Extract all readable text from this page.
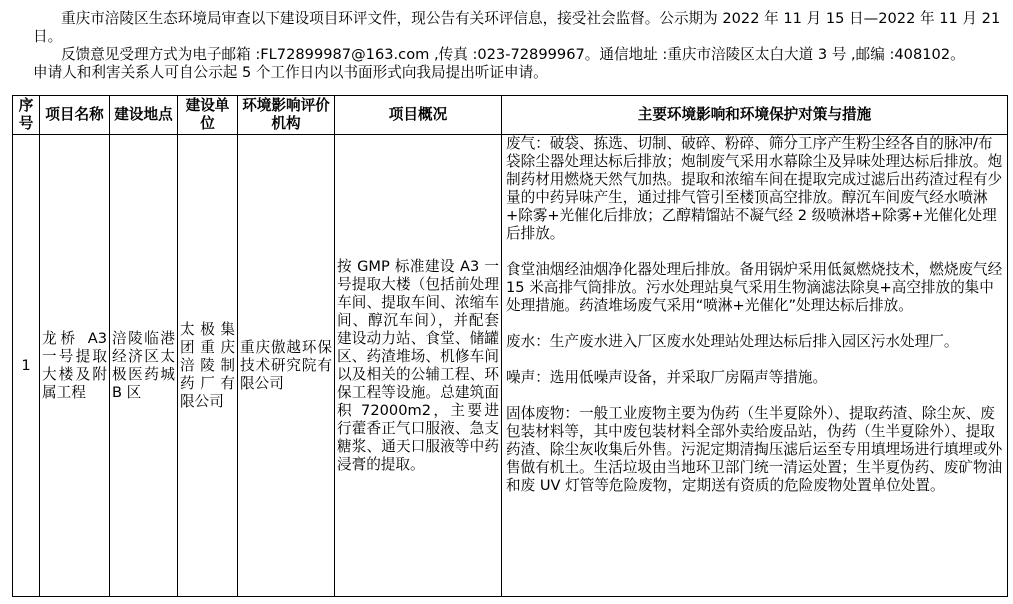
重庆市涪陵区生态环境局审查以下建设项目环评文件，现公告有关环评信息，接受社会监督。公示期为 2022 年 11 月 15 日—2022 年 11 月 21 日。

反馈意见受理方式为电子邮箱 :FL72899987@163.com ,传真 :023-72899967。通信地址 :重庆市涪陵区太白大道 3 号 ,邮编 :408102。

申请人和利害关系人可自公示起 5 个工作日内以书面形式向我局提出听证申请。

序号	项目名称	建设地点	建设单位	环境影响评价机构	项目概况	主要环境影响和环境保护对策与措施
1	龙桥 A3 一号提取大楼及附属工程	涪陵临港经济区太极医药城 B 区	太极集团重庆涪陵制药厂有限公司	重庆傲越环保技术研究院有限公司	按 GMP 标准建设 A3 一号提取大楼（包括前处理车间、提取车间、浓缩车间、醇沉车间），并配套建设动力站、食堂、储罐区、药渣堆场、机修车间以及相关的公辅工程、环保工程等设施。总建筑面积 72000m2，主要进行藿香正气口服液、急支糖浆、通天口服液等中药浸膏的提取。	废气：破袋、拣选、切制、破碎、粉碎、筛分工序产生粉尘经各自的脉冲/布袋除尘器处理达标后排放；炮制废气采用水幕除尘及异味处理达标后排放。炮制药材用燃烧天然气加热。提取和浓缩车间在提取完成过滤后出药渣过程有少量的中药异味产生，通过排气管引至楼顶高空排放。醇沉车间废气经水喷淋+除雾+光催化后排放；乙醇精馏站不凝气经 2 级喷淋塔+除雾+光催化处理后排放。

食堂油烟经油烟净化器处理后排放。备用锅炉采用低氮燃烧技术，燃烧废气经 15 米高排气筒排放。污水处理站臭气采用生物滴滤法除臭+高空排放的集中处理措施。药渣堆场废气采用“喷淋+光催化”处理达标后排放。

废水：生产废水进入厂区废水处理站处理达标后排入园区污水处理厂。

噪声：选用低噪声设备，并采取厂房隔声等措施。

固体废物：一般工业废物主要为伪药（生半夏除外）、提取药渣、除尘灰、废包装材料等，其中废包装材料全部外卖给废品站，伪药（生半夏除外）、提取药渣、除尘灰收集后外售。污泥定期清掏压滤后运至专用填埋场进行填埋或外售做有机土。生活垃圾由当地环卫部门统一清运处置；生半夏伪药、废矿物油和废 UV 灯管等危险废物，定期送有资质的危险废物处置单位处置。
